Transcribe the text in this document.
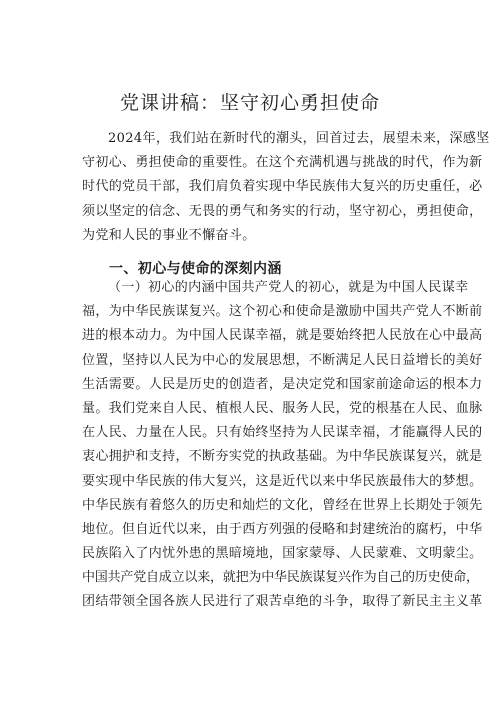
党课讲稿：坚守初心勇担使命
2024年，我们站在新时代的潮头，回首过去，展望未来，深感坚
守初心、勇担使命的重要性。在这个充满机遇与挑战的时代，作为新
时代的党员干部，我们肩负着实现中华民族伟大复兴的历史重任，必
须以坚定的信念、无畏的勇气和务实的行动，坚守初心，勇担使命，
为党和人民的事业不懈奋斗。
一、初心与使命的深刻内涵
（一）初心的内涵中国共产党人的初心，就是为中国人民谋幸
福，为中华民族谋复兴。这个初心和使命是激励中国共产党人不断前
进的根本动力。为中国人民谋幸福，就是要始终把人民放在心中最高
位置，坚持以人民为中心的发展思想，不断满足人民日益增长的美好
生活需要。人民是历史的创造者，是决定党和国家前途命运的根本力
量。我们党来自人民、植根人民、服务人民，党的根基在人民、血脉
在人民、力量在人民。只有始终坚持为人民谋幸福，才能赢得人民的
衷心拥护和支持，不断夯实党的执政基础。为中华民族谋复兴，就是
要实现中华民族的伟大复兴，这是近代以来中华民族最伟大的梦想。
中华民族有着悠久的历史和灿烂的文化，曾经在世界上长期处于领先
地位。但自近代以来，由于西方列强的侵略和封建统治的腐朽，中华
民族陷入了内忧外患的黑暗境地，国家蒙辱、人民蒙难、文明蒙尘。
中国共产党自成立以来，就把为中华民族谋复兴作为自己的历史使命，
团结带领全国各族人民进行了艰苦卓绝的斗争，取得了新民主主义革
